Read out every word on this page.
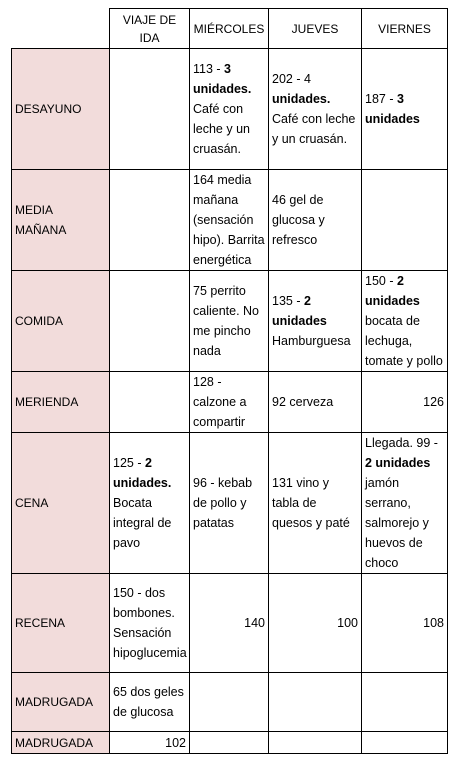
	VIAJE DE IDA	MIÉRCOLES	JUEVES	VIERNES
DESAYUNO		113 - 3 unidades. Café con leche y un cruasán.	202 - 4 unidades. Café con leche y un cruasán.	187 - 3 unidades
MEDIA MAÑANA		164 media mañana (sensación hipo). Barrita energética	46 gel de glucosa y refresco	
COMIDA		75 perrito caliente. No me pincho nada	135 - 2 unidades Hamburguesa	150 - 2 unidades bocata de lechuga, tomate y pollo
MERIENDA		128 - calzone a compartir	92 cerveza	126
CENA	125 - 2 unidades. Bocata integral de pavo	96 - kebab de pollo y patatas	131 vino y tabla de quesos y paté	Llegada. 99 - 2 unidades jamón serrano, salmorejo y huevos de choco
RECENA	150 - dos bombones. Sensación hipoglucemia	140	100	108
MADRUGADA	65 dos geles de glucosa			
MADRUGADA	102			
